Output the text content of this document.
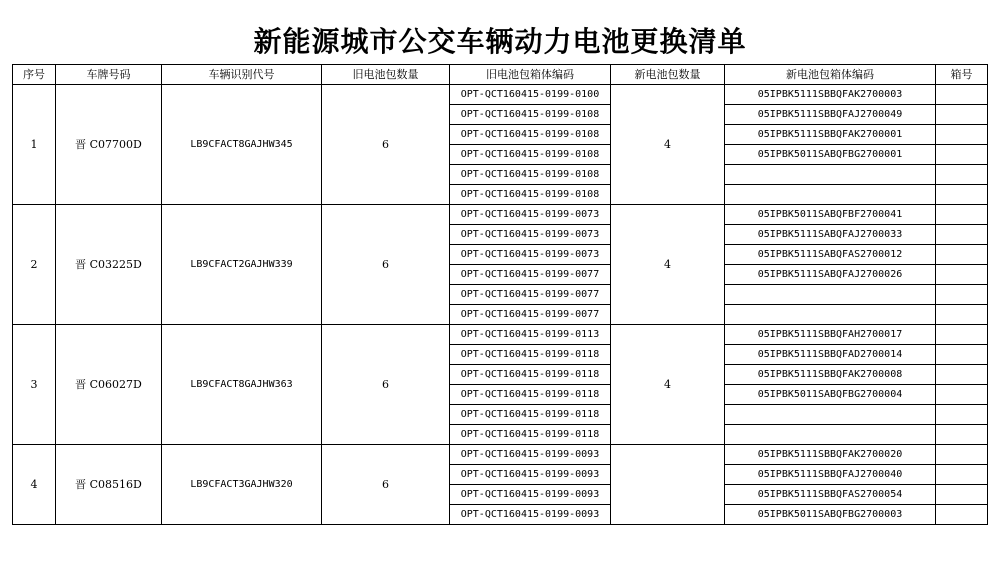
新能源城市公交车辆动力电池更换清单
序号	车牌号码	车辆识别代号	旧电池包数量	旧电池包箱体编码	新电池包数量	新电池包箱体编码	箱号
1	晋 C07700D	LB9CFACT8GAJHW345	6	OPT-QCT160415-0199-0100	4	05IPBK5111SBBQFAK2700003	
				OPT-QCT160415-0199-0108		05IPBK5111SBBQFAJ2700049	
				OPT-QCT160415-0199-0108		05IPBK5111SBBQFAK2700001	
				OPT-QCT160415-0199-0108		05IPBK5011SABQFBG2700001	
				OPT-QCT160415-0199-0108			
				OPT-QCT160415-0199-0108			
2	晋 C03225D	LB9CFACT2GAJHW339	6	OPT-QCT160415-0199-0073	4	05IPBK5011SABQFBF2700041	
				OPT-QCT160415-0199-0073		05IPBK5111SABQFAJ2700033	
				OPT-QCT160415-0199-0073		05IPBK5111SABQFAS2700012	
				OPT-QCT160415-0199-0077		05IPBK5111SABQFAJ2700026	
				OPT-QCT160415-0199-0077			
				OPT-QCT160415-0199-0077			
3	晋 C06027D	LB9CFACT8GAJHW363	6	OPT-QCT160415-0199-0113	4	05IPBK5111SBBQFAH2700017	
				OPT-QCT160415-0199-0118		05IPBK5111SBBQFAD2700014	
				OPT-QCT160415-0199-0118		05IPBK5111SBBQFAK2700008	
				OPT-QCT160415-0199-0118		05IPBK5011SABQFBG2700004	
				OPT-QCT160415-0199-0118			
				OPT-QCT160415-0199-0118			
4	晋 C08516D	LB9CFACT3GAJHW320	6	OPT-QCT160415-0199-0093		05IPBK5111SBBQFAK2700020	
				OPT-QCT160415-0199-0093		05IPBK5111SBBQFAJ2700040	
				OPT-QCT160415-0199-0093		05IPBK5111SBBQFAS2700054	
				OPT-QCT160415-0199-0093		05IPBK5011SABQFBG2700003	
